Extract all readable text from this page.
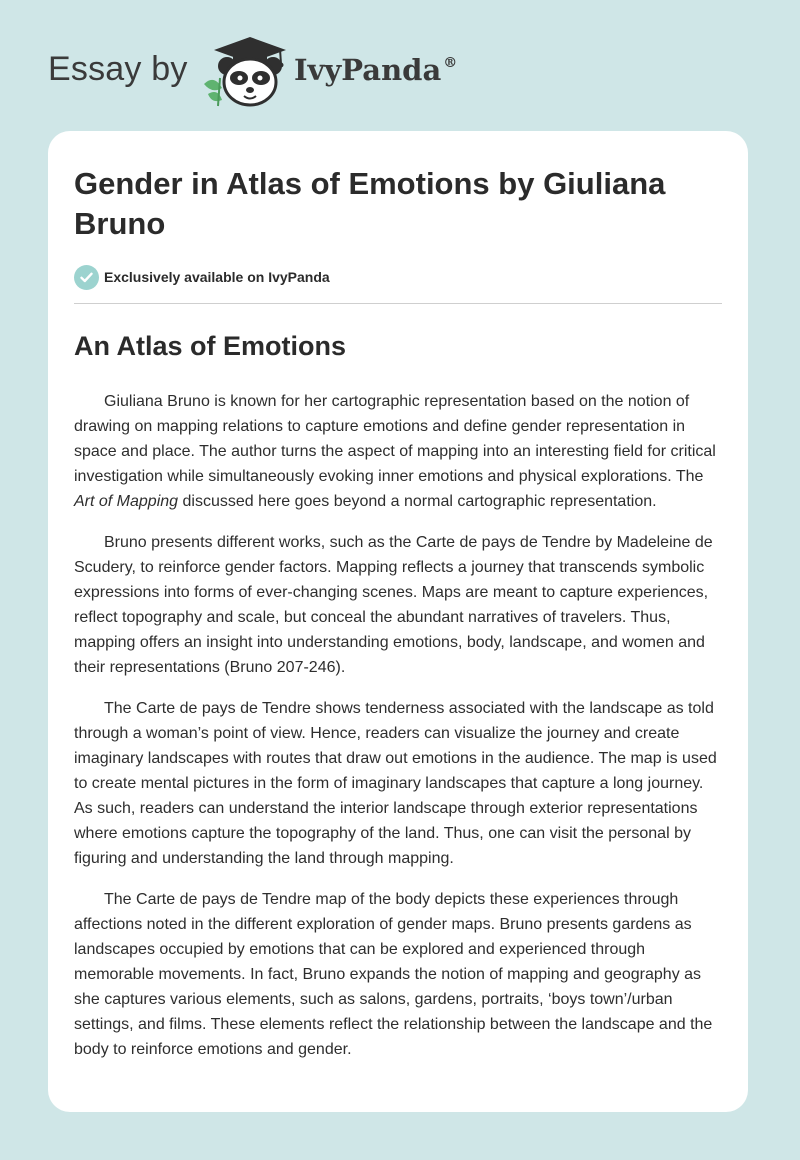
Essay by	IvyPanda ®
Gender in Atlas of Emotions by Giuliana Bruno
Exclusively available on IvyPanda
An Atlas of Emotions

Giuliana Bruno is known for her cartographic representation based on the notion of drawing on mapping relations to capture emotions and define gender representation in space and place. The author turns the aspect of mapping into an interesting field for critical investigation while simultaneously evoking inner emotions and physical explorations. The Art of Mapping discussed here goes beyond a normal cartographic representation.

Bruno presents different works, such as the Carte de pays de Tendre by Madeleine de Scudery, to reinforce gender factors. Mapping reflects a journey that transcends symbolic expressions into forms of ever-changing scenes. Maps are meant to capture experiences, reflect topography and scale, but conceal the abundant narratives of travelers. Thus, mapping offers an insight into understanding emotions, body, landscape, and women and their representations (Bruno 207-246).

The Carte de pays de Tendre shows tenderness associated with the landscape as told through a woman’s point of view. Hence, readers can visualize the journey and create imaginary landscapes with routes that draw out emotions in the audience. The map is used to create mental pictures in the form of imaginary landscapes that capture a long journey. As such, readers can understand the interior landscape through exterior representations where emotions capture the topography of the land. Thus, one can visit the personal by figuring and understanding the land through mapping.

The Carte de pays de Tendre map of the body depicts these experiences through affections noted in the different exploration of gender maps. Bruno presents gardens as landscapes occupied by emotions that can be explored and experienced through memorable movements. In fact, Bruno expands the notion of mapping and geography as she captures various elements, such as salons, gardens, portraits, ‘boys town’/urban settings, and films. These elements reflect the relationship between the landscape and the body to reinforce emotions and gender.
